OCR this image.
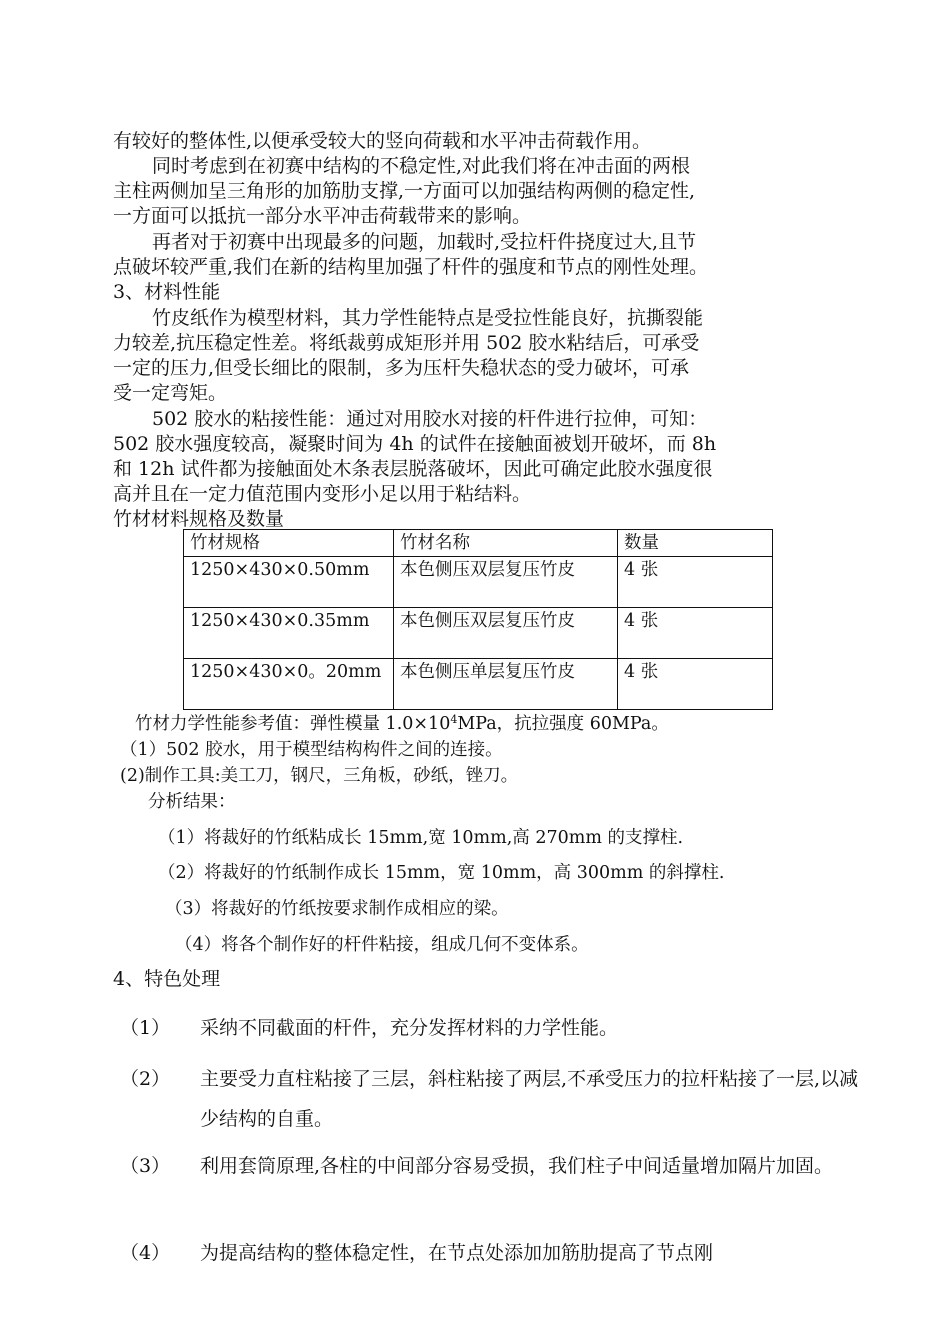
有较好的整体性,以便承受较大的竖向荷载和水平冲击荷载作用。
同时考虑到在初赛中结构的不稳定性,对此我们将在冲击面的两根
主柱两侧加呈三角形的加筋肋支撑,一方面可以加强结构两侧的稳定性,
一方面可以抵抗一部分水平冲击荷载带来的影响。
再者对于初赛中出现最多的问题，加载时,受拉杆件挠度过大,且节
点破坏较严重,我们在新的结构里加强了杆件的强度和节点的刚性处理。
3、材料性能
竹皮纸作为模型材料，其力学性能特点是受拉性能良好，抗撕裂能
力较差,抗压稳定性差。将纸裁剪成矩形并用 502 胶水粘结后，可承受
一定的压力,但受长细比的限制，多为压杆失稳状态的受力破坏，可承
受一定弯矩。
502 胶水的粘接性能：通过对用胶水对接的杆件进行拉伸，可知：
502 胶水强度较高，凝聚时间为 4h 的试件在接触面被划开破坏，而 8h
和 12h 试件都为接触面处木条表层脱落破坏，因此可确定此胶水强度很
高并且在一定力值范围内变形小足以用于粘结料。
竹材材料规格及数量
竹材规格	竹材名称	数量
1250×430×0.50mm	本色侧压双层复压竹皮	4 张
1250×430×0.35mm	本色侧压双层复压竹皮	4 张
1250×430×0。20mm	本色侧压单层复压竹皮	4 张
竹材力学性能参考值：弹性模量 $1.0\times 10^4MPa$，抗拉强度 60MPa。
（1）502 胶水，用于模型结构构件之间的连接。
(2)制作工具:美工刀，钢尺，三角板，砂纸，锉刀。
分析结果：
（1）将裁好的竹纸粘成长 15mm,宽 10mm,高 270mm 的支撑柱.
（2）将裁好的竹纸制作成长 15mm，宽 10mm，高 300mm 的斜撑柱.
（3）将裁好的竹纸按要求制作成相应的梁。
（4）将各个制作好的杆件粘接，组成几何不变体系。
4、特色处理
（1） 采纳不同截面的杆件，充分发挥材料的力学性能。
（2） 主要受力直柱粘接了三层，斜柱粘接了两层,不承受压力的拉杆粘接了一层,以减少结构的自重。
（3） 利用套筒原理,各柱的中间部分容易受损，我们柱子中间适量增加隔片加固。
（4） 为提高结构的整体稳定性，在节点处添加加筋肋提高了节点刚
